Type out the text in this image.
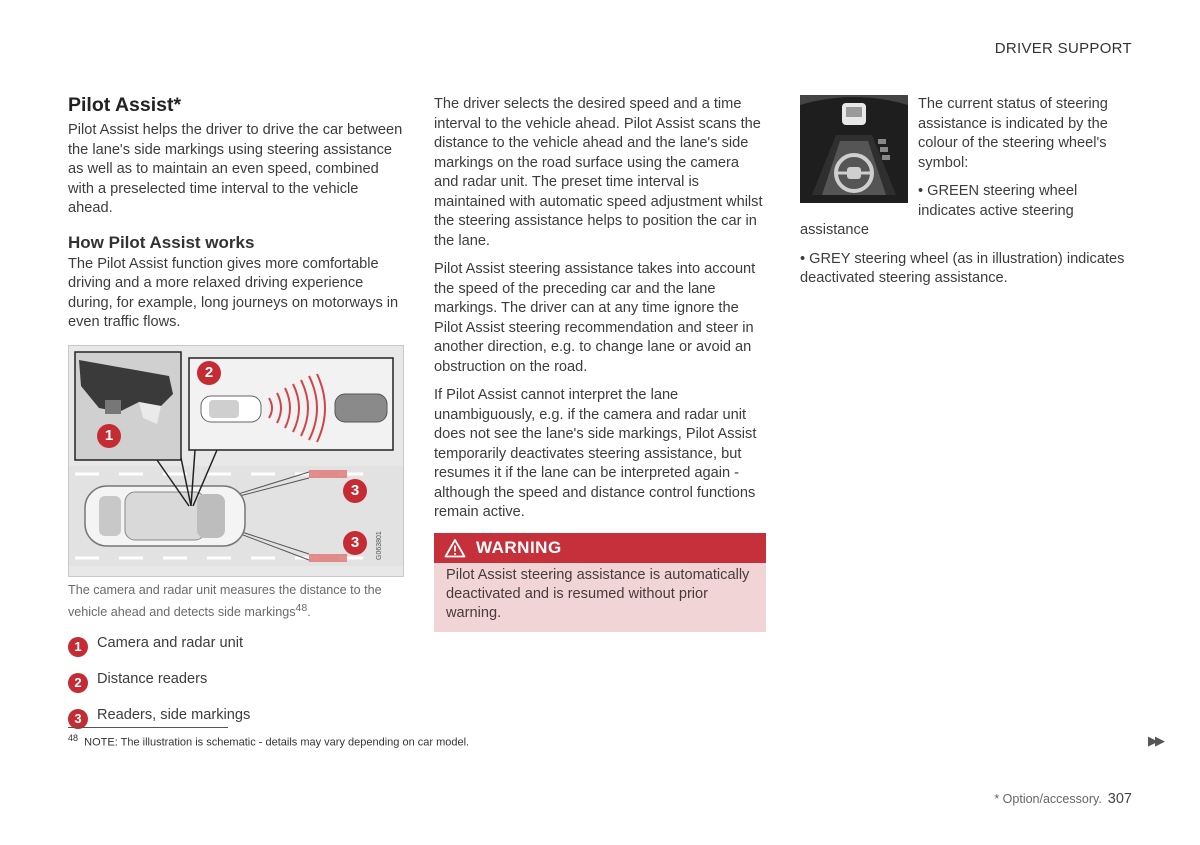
DRIVER SUPPORT
Pilot Assist*

Pilot Assist helps the driver to drive the car between the lane's side markings using steering assistance as well as to maintain an even speed, combined with a preselected time interval to the vehicle ahead.

How Pilot Assist works

The Pilot Assist function gives more comfortable driving and a more relaxed driving experience during, for example, long journeys on motorways in even traffic flows.

G063801
1
2
3
3
The camera and radar unit measures the distance to the vehicle ahead and detects side markings$^{48}$.
1	Camera and radar unit
2	Distance readers
3	Readers, side markings

The driver selects the desired speed and a time interval to the vehicle ahead. Pilot Assist scans the distance to the vehicle ahead and the lane's side markings on the road surface using the camera and radar unit. The preset time interval is maintained with automatic speed adjustment whilst the steering assistance helps to position the car in the lane.

Pilot Assist steering assistance takes into account the speed of the preceding car and the lane markings. The driver can at any time ignore the Pilot Assist steering recommendation and steer in another direction, e.g. to change lane or avoid an obstruction on the road.

If Pilot Assist cannot interpret the lane unambiguously, e.g. if the camera and radar unit does not see the lane's side markings, Pilot Assist temporarily deactivates steering assistance, but resumes it if the lane can be interpreted again - although the speed and distance control functions remain active.

WARNING
Pilot Assist steering assistance is automatically deactivated and is resumed without prior warning.

The current status of steering assistance is indicated by the colour of the steering wheel's symbol:

• GREEN steering wheel indicates active steering assistance

• GREY steering wheel (as in illustration) indicates deactivated steering assistance.

$^{48}$ NOTE: The illustration is schematic - details may vary depending on car model.	▶▶
* Option/accessory. 307
